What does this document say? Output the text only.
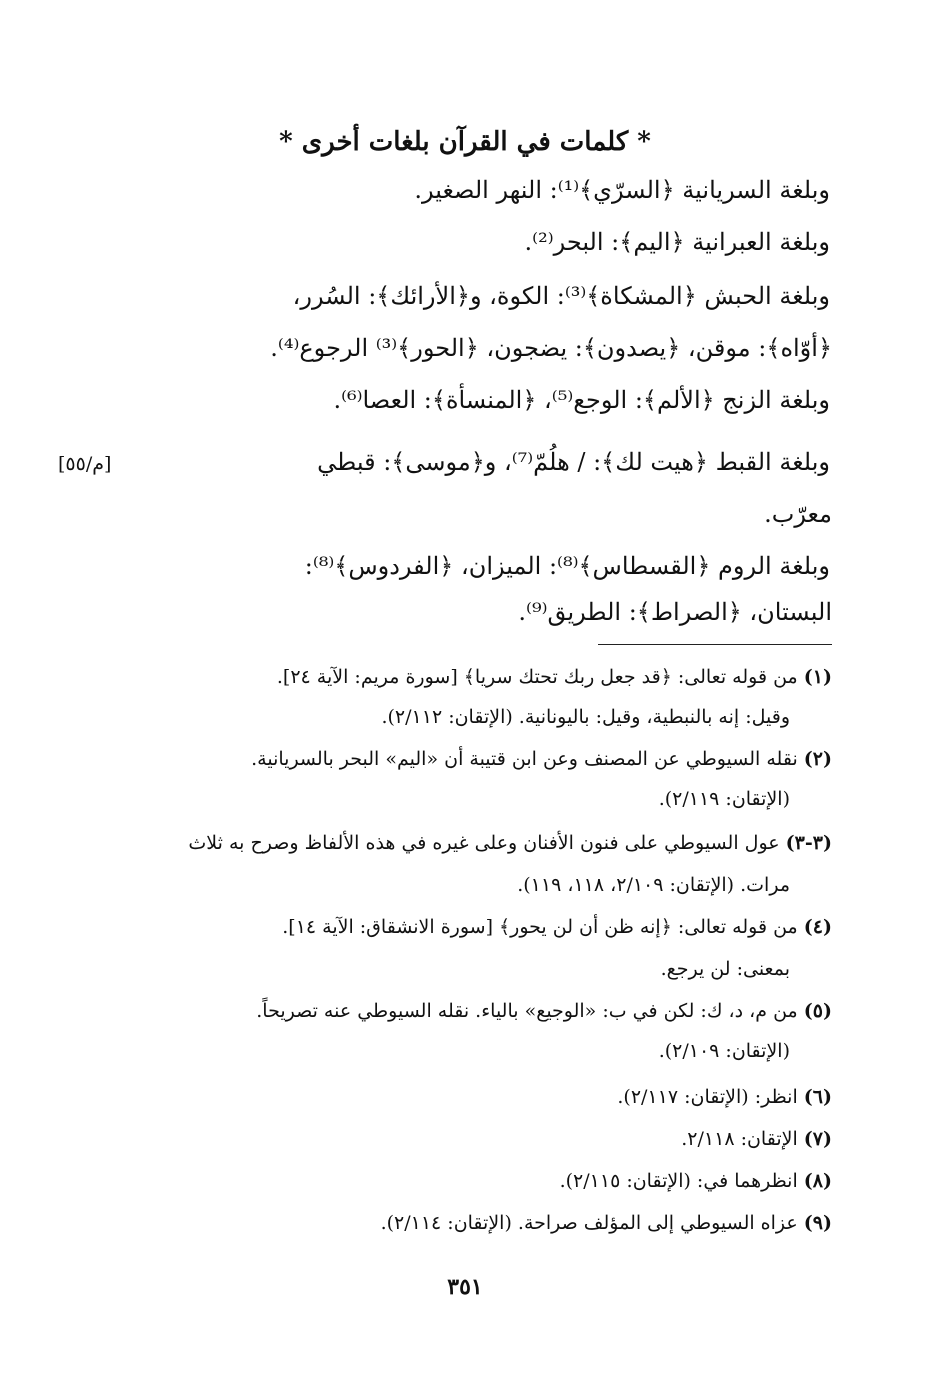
* كلمات في القرآن بلغات أخرى *
وبلغة السريانية ﴿السرّي﴾⁽¹⁾: النهر الصغير.
وبلغة العبرانية ﴿اليم﴾: البحر⁽²⁾.
وبلغة الحبش ﴿المشكاة﴾⁽³⁾: الكوة، و﴿الأرائك﴾: السُرر،
﴿أوّاه﴾: موقن، ﴿يصدون﴾: يضجون، ﴿الحور﴾⁽³⁾ الرجوع⁽⁴⁾.
وبلغة الزنج ﴿الألم﴾: الوجع⁽⁵⁾، ﴿المنسأة﴾: العصا⁽⁶⁾.
وبلغة القبط ﴿هيت لك﴾: / هلُمّ⁽⁷⁾، و﴿موسى﴾: قبطي
[م/٥٥]
معرّب.
وبلغة الروم ﴿القسطاس﴾⁽⁸⁾: الميزان، ﴿الفردوس﴾⁽⁸⁾:
البستان، ﴿الصراط﴾: الطريق⁽⁹⁾.
(١) من قوله تعالى: ﴿قد جعل ربك تحتك سريا﴾ [سورة مريم: الآية ٢٤].
وقيل: إنه بالنبطية، وقيل: باليونانية. (الإتقان: ٢/١١٢).
(٢) نقله السيوطي عن المصنف وعن ابن قتيبة أن «اليم» البحر بالسريانية.
(الإتقان: ٢/١١٩).
(٣-٣) عول السيوطي على فنون الأفنان وعلى غيره في هذه الألفاظ وصرح به ثلاث
مرات. (الإتقان: ٢/١٠٩، ١١٨، ١١٩).
(٤) من قوله تعالى: ﴿إنه ظن أن لن يحور﴾ [سورة الانشقاق: الآية ١٤].
بمعنى: لن يرجع.
(٥) من م، د، ك: لكن في ب: «الوجيع» بالياء. نقله السيوطي عنه تصريحاً.
(الإتقان: ٢/١٠٩).
(٦) انظر: (الإتقان: ٢/١١٧).
(٧) الإتقان: ٢/١١٨.
(٨) انظرهما في: (الإتقان: ٢/١١٥).
(٩) عزاه السيوطي إلى المؤلف صراحة. (الإتقان: ٢/١١٤).
٣٥١
